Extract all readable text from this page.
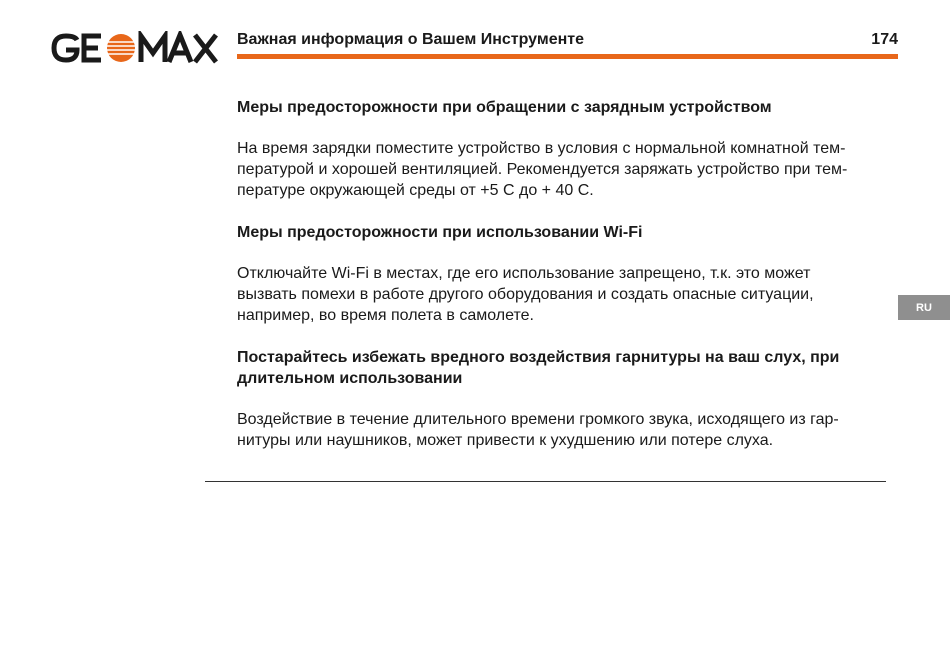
Важная информация о Вашем Инструменте	174
Меры предосторожности при обращении с зарядным устройством
На время зарядки поместите устройство в условия с нормальной комнатной тем-
пературой и хорошей вентиляцией. Рекомендуется заряжать устройство при тем-
пературе окружающей среды от +5 C до + 40 C.
Меры предосторожности при использовании Wi-Fi
Отключайте Wi-Fi в местах, где его использование запрещено, т.к. это может
вызвать помехи в работе другого оборудования и создать опасные ситуации,
например, во время полета в самолете.
Постарайтесь избежать вредного воздействия гарнитуры на ваш слух, при
длительном использовании
Воздействие в течение длительного времени громкого звука, исходящего из гар-
нитуры или наушников, может привести к ухудшению или потере слуха.
RU
